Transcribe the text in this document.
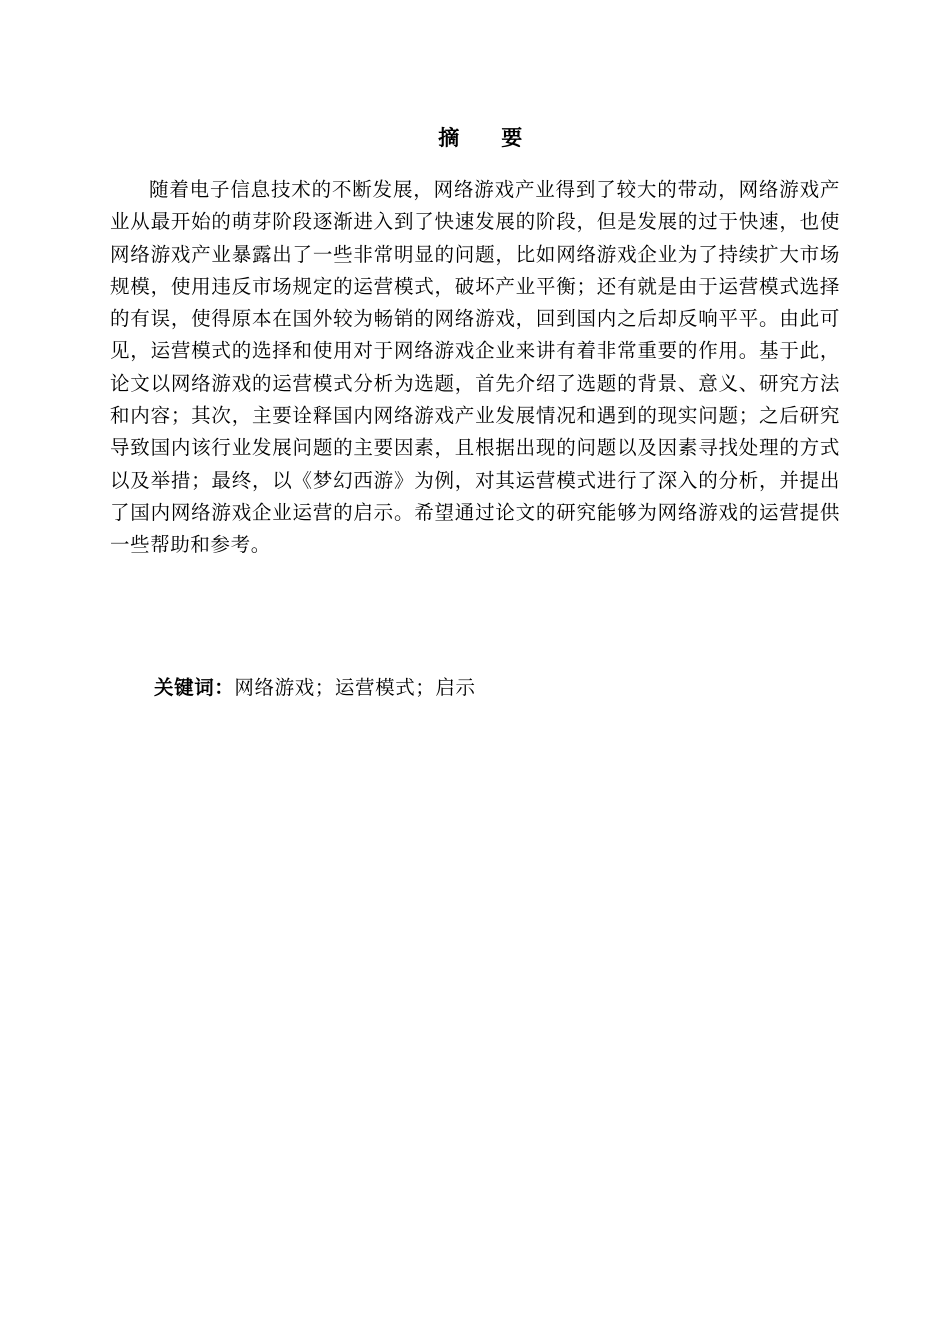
摘　要

随着电子信息技术的不断发展，网络游戏产业得到了较大的带动，网络游戏产业从最开始的萌芽阶段逐渐进入到了快速发展的阶段，但是发展的过于快速，也使网络游戏产业暴露出了一些非常明显的问题，比如网络游戏企业为了持续扩大市场规模，使用违反市场规定的运营模式，破坏产业平衡；还有就是由于运营模式选择的有误，使得原本在国外较为畅销的网络游戏，回到国内之后却反响平平。由此可见，运营模式的选择和使用对于网络游戏企业来讲有着非常重要的作用。基于此，论文以网络游戏的运营模式分析为选题，首先介绍了选题的背景、意义、研究方法和内容；其次，主要诠释国内网络游戏产业发展情况和遇到的现实问题；之后研究导致国内该行业发展问题的主要因素，且根据出现的问题以及因素寻找处理的方式以及举措；最终，以《梦幻西游》为例，对其运营模式进行了深入的分析，并提出了国内网络游戏企业运营的启示。希望通过论文的研究能够为网络游戏的运营提供一些帮助和参考。

关键词：网络游戏；运营模式；启示
